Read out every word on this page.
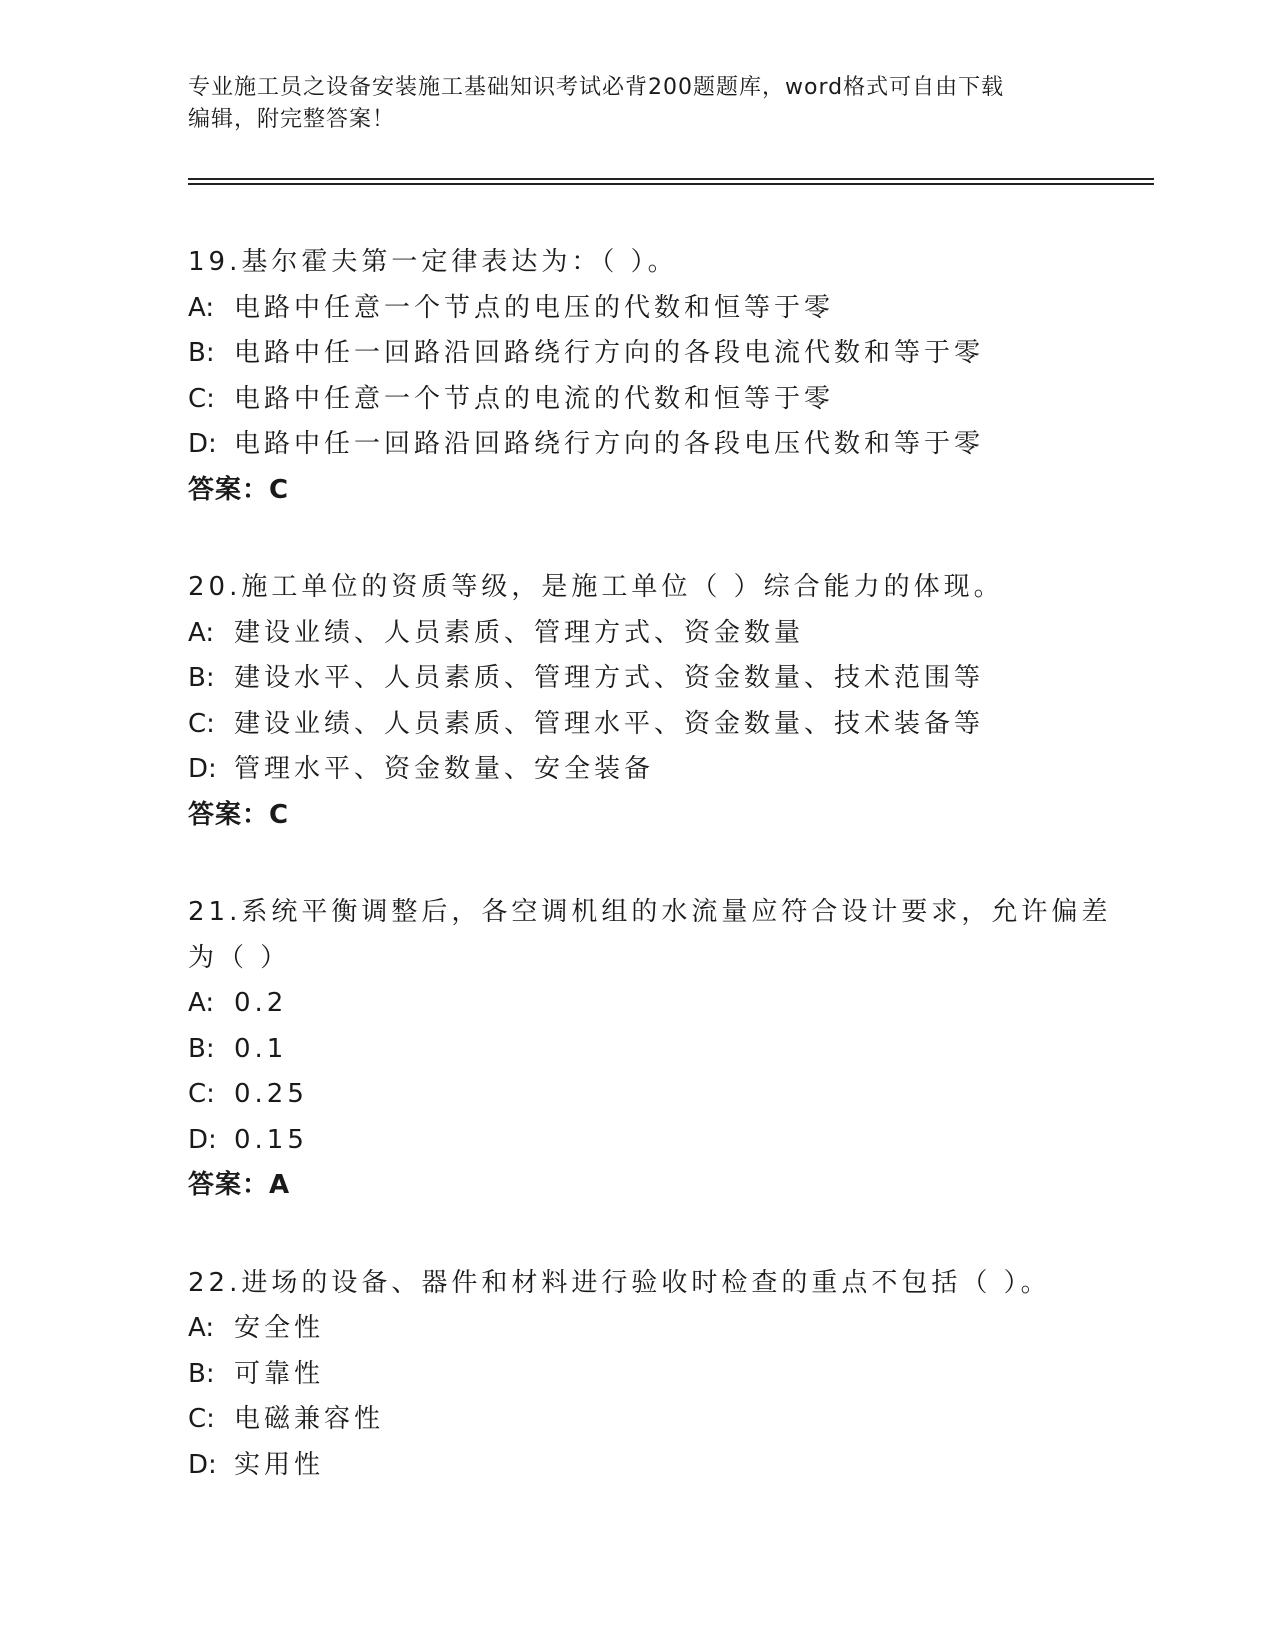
专业施工员之设备安装施工基础知识考试必背200题题库，word格式可自由下载
编辑，附完整答案！
19.基尔霍夫第一定律表达为：（ ）。
A: 电路中任意一个节点的电压的代数和恒等于零
B: 电路中任一回路沿回路绕行方向的各段电流代数和等于零
C: 电路中任意一个节点的电流的代数和恒等于零
D: 电路中任一回路沿回路绕行方向的各段电压代数和等于零
答案：C
20.施工单位的资质等级，是施工单位（ ）综合能力的体现。
A: 建设业绩、人员素质、管理方式、资金数量
B: 建设水平、人员素质、管理方式、资金数量、技术范围等
C: 建设业绩、人员素质、管理水平、资金数量、技术装备等
D: 管理水平、资金数量、安全装备
答案：C
21.系统平衡调整后，各空调机组的水流量应符合设计要求，允许偏差
为（ ）
A: 0.2
B: 0.1
C: 0.25
D: 0.15
答案：A
22.进场的设备、器件和材料进行验收时检查的重点不包括（ ）。
A: 安全性
B: 可靠性
C: 电磁兼容性
D: 实用性
